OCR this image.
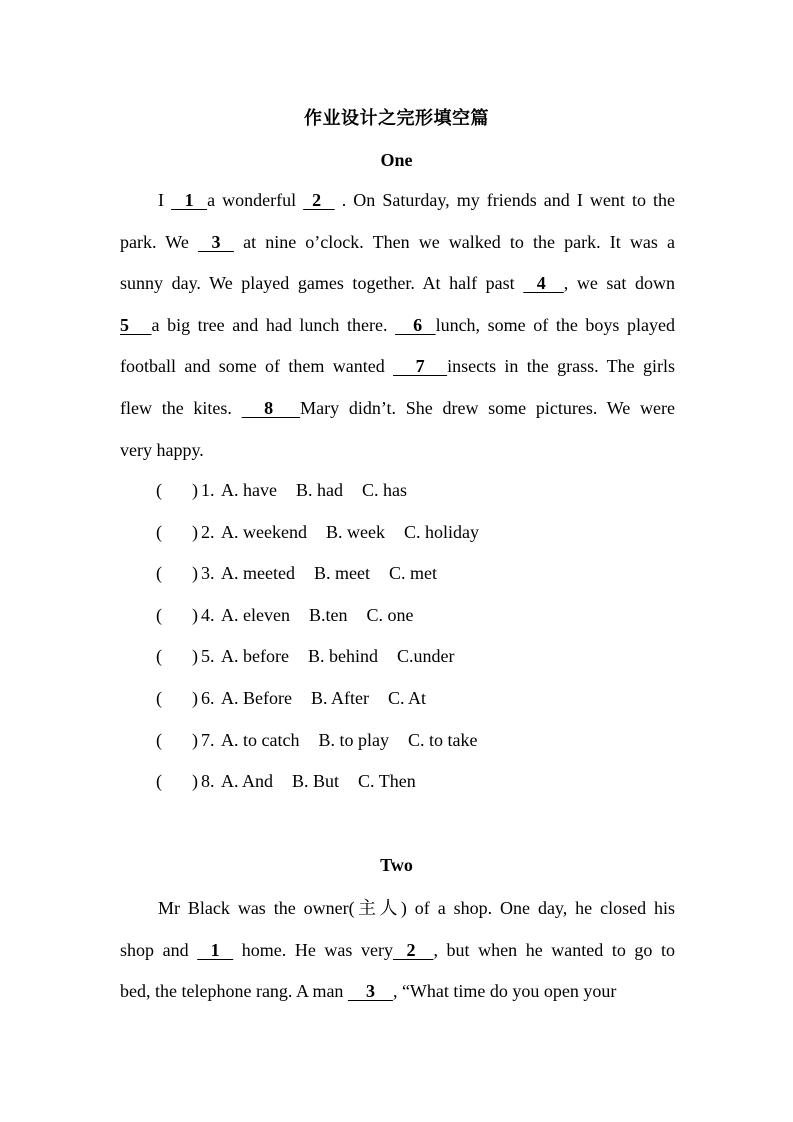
作业设计之完形填空篇
One
I    1   a wonderful   2    . On Saturday, my friends and I went to the
park. We    3    at nine o’clock. Then we walked to the park. It was a
sunny day. We played games together. At half past    4    , we sat down
5     a big tree and had lunch there.     6   lunch, some of the boys played
football and some of them wanted      7     insects in the grass. The girls
flew the kites.      8      Mary didn’t. She drew some pictures. We were
very happy.
( ) 1. A. have B. had C. has
( ) 2. A. weekend B. week C. holiday
( ) 3. A. meeted B. meet C. met
( ) 4. A. eleven B.ten C. one
( ) 5. A. before B. behind C.under
( ) 6. A. Before B. After C. At
( ) 7. A. to catch B. to play C. to take
( ) 8. A. And B. But C. Then
Two
Mr Black was the owner(主人) of a shop. One day, he closed his
shop and    1    home. He was very   2    , but when he wanted to go to
bed, the telephone rang. A man     3    , “What time do you open your
